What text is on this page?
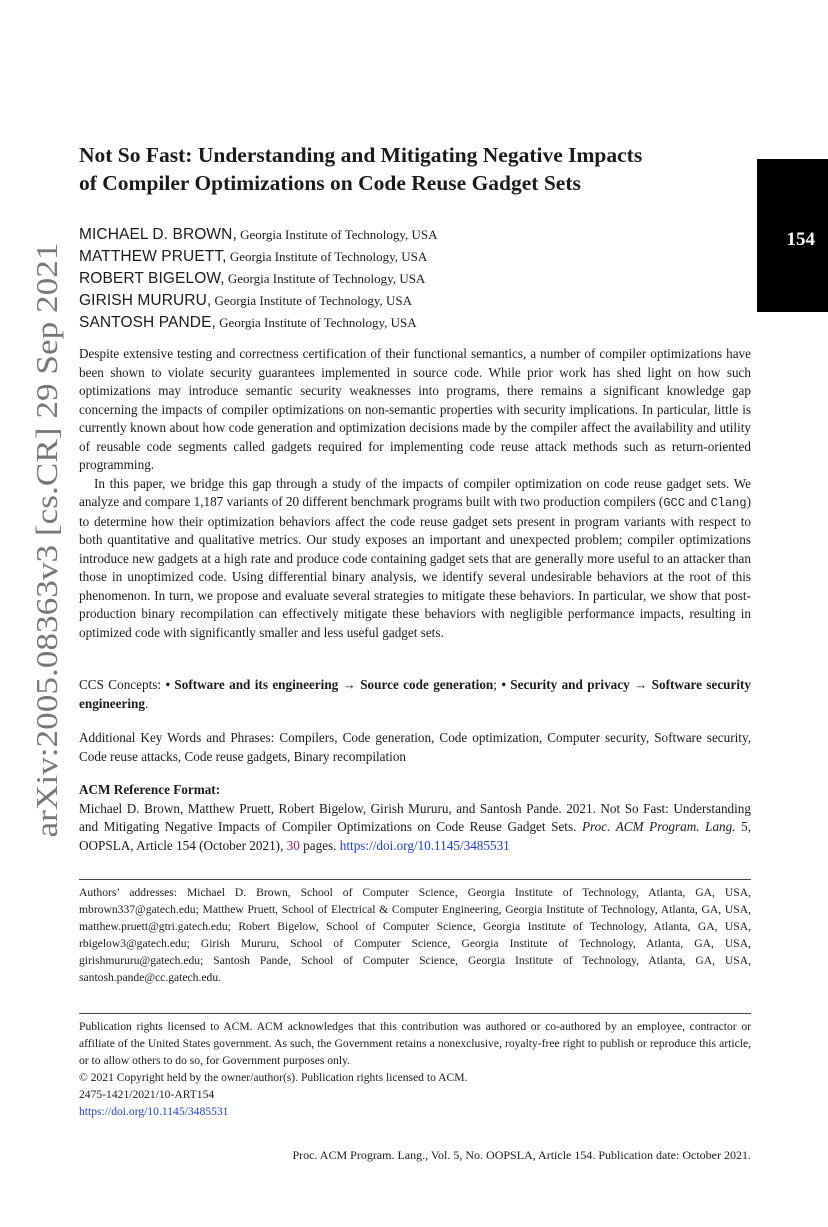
arXiv:2005.08363v3 [cs.CR] 29 Sep 2021
154
Not So Fast: Understanding and Mitigating Negative Impacts
of Compiler Optimizations on Code Reuse Gadget Sets
MICHAEL D. BROWN, Georgia Institute of Technology, USA
MATTHEW PRUETT, Georgia Institute of Technology, USA
ROBERT BIGELOW, Georgia Institute of Technology, USA
GIRISH MURURU, Georgia Institute of Technology, USA
SANTOSH PANDE, Georgia Institute of Technology, USA

Despite extensive testing and correctness certification of their functional semantics, a number of compiler optimizations have been shown to violate security guarantees implemented in source code. While prior work has shed light on how such optimizations may introduce semantic security weaknesses into programs, there remains a significant knowledge gap concerning the impacts of compiler optimizations on non-semantic properties with security implications. In particular, little is currently known about how code generation and optimization decisions made by the compiler affect the availability and utility of reusable code segments called gadgets required for implementing code reuse attack methods such as return-oriented programming.

In this paper, we bridge this gap through a study of the impacts of compiler optimization on code reuse gadget sets. We analyze and compare 1,187 variants of 20 different benchmark programs built with two production compilers (GCC and Clang) to determine how their optimization behaviors affect the code reuse gadget sets present in program variants with respect to both quantitative and qualitative metrics. Our study exposes an important and unexpected problem; compiler optimizations introduce new gadgets at a high rate and produce code containing gadget sets that are generally more useful to an attacker than those in unoptimized code. Using differential binary analysis, we identify several undesirable behaviors at the root of this phenomenon. In turn, we propose and evaluate several strategies to mitigate these behaviors. In particular, we show that post-production binary recompilation can effectively mitigate these behaviors with negligible performance impacts, resulting in optimized code with significantly smaller and less useful gadget sets.

CCS Concepts: • Software and its engineering → Source code generation; • Security and privacy → Software security engineering.
Additional Key Words and Phrases: Compilers, Code generation, Code optimization, Computer security, Software security, Code reuse attacks, Code reuse gadgets, Binary recompilation
ACM Reference Format:
Michael D. Brown, Matthew Pruett, Robert Bigelow, Girish Mururu, and Santosh Pande. 2021. Not So Fast: Understanding and Mitigating Negative Impacts of Compiler Optimizations on Code Reuse Gadget Sets. Proc. ACM Program. Lang. 5, OOPSLA, Article 154 (October 2021), 30 pages. https://doi.org/10.1145/3485531
Authors’ addresses: Michael D. Brown, School of Computer Science, Georgia Institute of Technology, Atlanta, GA, USA, mbrown337@gatech.edu; Matthew Pruett, School of Electrical & Computer Engineering, Georgia Institute of Technology, Atlanta, GA, USA, matthew.pruett@gtri.gatech.edu; Robert Bigelow, School of Computer Science, Georgia Institute of Technology, Atlanta, GA, USA, rbigelow3@gatech.edu; Girish Mururu, School of Computer Science, Georgia Institute of Technology, Atlanta, GA, USA, girishmururu@gatech.edu; Santosh Pande, School of Computer Science, Georgia Institute of Technology, Atlanta, GA, USA, santosh.pande@cc.gatech.edu.

Publication rights licensed to ACM. ACM acknowledges that this contribution was authored or co-authored by an employee, contractor or affiliate of the United States government. As such, the Government retains a nonexclusive, royalty-free right to publish or reproduce this article, or to allow others to do so, for Government purposes only.

© 2021 Copyright held by the owner/author(s). Publication rights licensed to ACM.

2475-1421/2021/10-ART154

https://doi.org/10.1145/3485531

Proc. ACM Program. Lang., Vol. 5, No. OOPSLA, Article 154. Publication date: October 2021.
